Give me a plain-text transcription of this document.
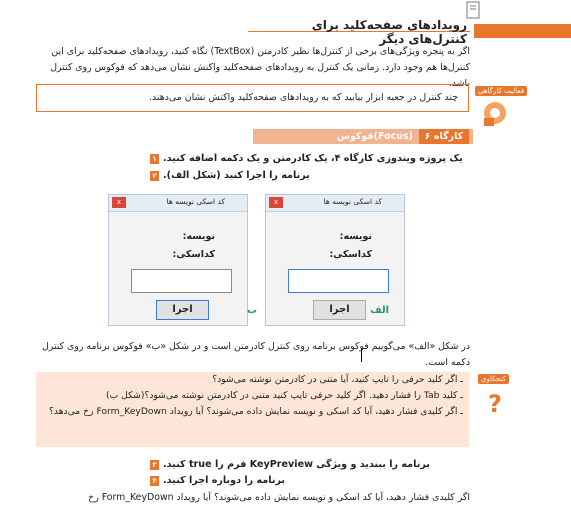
رویدادهای صفحه‌کلید برای کنترل‌های دیگر
اگر به پنجره ویژگی‌های برخی از کنترل‌ها نظیر کادرمتن (TextBox) نگاه کنید، رویدادهای صفحه‌کلید برای این کنترل‌ها هم وجود دارد. زمانی یک کنترل به رویدادهای صفحه‌کلید واکنش نشان می‌دهد که فوکوس روی کنترل باشد.
چند کنترل در جعبه ابزار بیابید که به رویدادهای صفحه‌کلید واکنش نشان می‌دهند.
فعالیت کارگاهی
کارگاه ۶
فوکوس(Focus)
یک پروژه ویندوزی کارگاه ۴، یک کادرمتن و یک دکمه اضافه کنید.
۱
برنامه را اجرا کنید (شکل الف).
۲
کد اسکی نویسه ها
x
نویسه:
کداسکی:
اجرا	الف
کد اسکی نویسه ها
x
نویسه:
کداسکی:
اجرا	ب
در شکل «الف» می‌گوییم فوکوس برنامه روی کنترل کادرمتن است و در شکل «ب» فوکوس برنامه روی کنترل دکمه است.
ـ اگر کلید حرفی را تایپ کنید، آیا متنی در کادرمتن نوشته می‌شود؟
ـ کلید Tab را فشار دهید. اگر کلید حرفی تایپ کنید متنی در کادرمتن نوشته می‌شود؟(شکل ب)
ـ اگر کلیدی فشار دهید، آیا کد اسکی و نویسه نمایش داده می‌شوند؟ آیا رویداد Form_KeyDown رخ می‌دهد؟
کنجکاوی
?
برنامه را ببندید و ویژگی KeyPreview فرم را true کنید.
۳
برنامه را دوباره اجرا کنید.
۴
اگر کلیدی فشار دهید، آیا کد اسکی و نویسه نمایش داده می‌شوند؟ آیا رویداد Form_KeyDown رخ
